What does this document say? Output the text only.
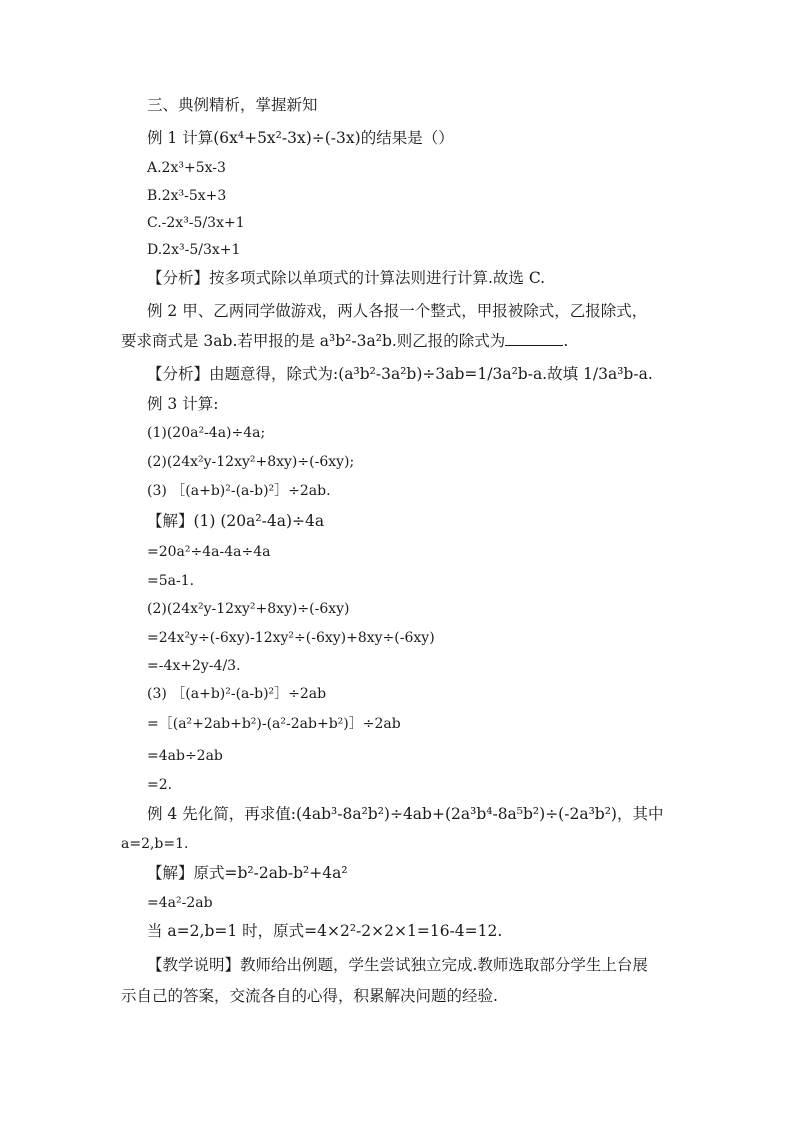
三、典例精析，掌握新知
例 1 计算(6x⁴+5x²-3x)÷(-3x)的结果是（）
A.2x³+5x-3
B.2x³-5x+3
C.-2x³-5/3x+1
D.2x³-5/3x+1
【分析】按多项式除以单项式的计算法则进行计算.故选 C.
例 2 甲、乙两同学做游戏，两人各报一个整式，甲报被除式，乙报除式，
要求商式是 3ab.若甲报的是 a³b²-3a²b.则乙报的除式为	.
【分析】由题意得，除式为:(a³b²-3a²b)÷3ab=1/3a²b-a.故填 1/3a³b-a.
例 3 计算:
(1)(20a²-4a)÷4a;
(2)(24x²y-12xy²+8xy)÷(-6xy);
(3) ［(a+b)²-(a-b)²］÷2ab.
【解】(1) (20a²-4a)÷4a
=20a²÷4a-4a÷4a
=5a-1.
(2)(24x²y-12xy²+8xy)÷(-6xy)
=24x²y÷(-6xy)-12xy²÷(-6xy)+8xy÷(-6xy)
=-4x+2y-4/3.
(3) ［(a+b)²-(a-b)²］÷2ab
=［(a²+2ab+b²)-(a²-2ab+b²)］÷2ab
=4ab÷2ab
=2.
例 4 先化简，再求值:(4ab³-8a²b²)÷4ab+(2a³b⁴-8a⁵b²)÷(-2a³b²)，其中
a=2,b=1.
【解】原式=b²-2ab-b²+4a²
=4a²-2ab
当 a=2,b=1 时，原式=4×2²-2×2×1=16-4=12.
【教学说明】教师给出例题，学生尝试独立完成.教师选取部分学生上台展
示自己的答案，交流各自的心得，积累解决问题的经验.
